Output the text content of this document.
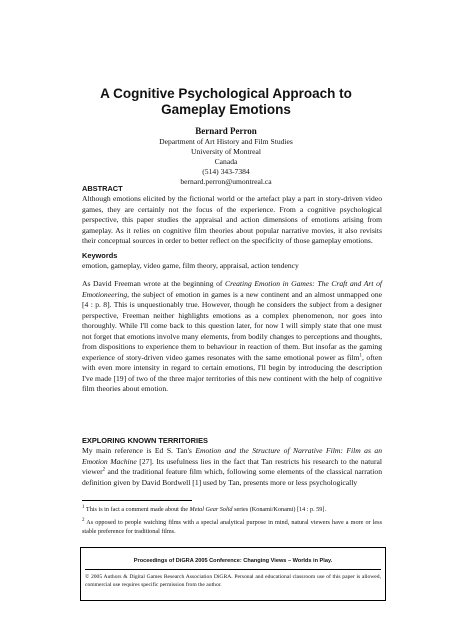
A Cognitive Psychological Approach to
Gameplay Emotions
Bernard Perron
Department of Art History and Film Studies
University of Montreal
Canada
(514) 343-7384
bernard.perron@umontreal.ca
ABSTRACT
Although emotions elicited by the fictional world or the artefact play a part in story-driven video games, they are certainly not the focus of the experience. From a cognitive psychological perspective, this paper studies the appraisal and action dimensions of emotions arising from gameplay. As it relies on cognitive film theories about popular narrative movies, it also revisits their conceptual sources in order to better reflect on the specificity of those gameplay emotions.
Keywords
emotion, gameplay, video game, film theory, appraisal, action tendency
As David Freeman wrote at the beginning of Creating Emotion in Games: The Craft and Art of Emotioneering, the subject of emotion in games is a new continent and an almost unmapped one [4 : p. 8]. This is unquestionably true. However, though he considers the subject from a designer perspective, Freeman neither highlights emotions as a complex phenomenon, nor goes into thoroughly. While I'll come back to this question later, for now I will simply state that one must not forget that emotions involve many elements, from bodily changes to perceptions and thoughts, from dispositions to experience them to behaviour in reaction of them. But insofar as the gaming experience of story-driven video games resonates with the same emotional power as film$^1$, often with even more intensity in regard to certain emotions, I'll begin by introducing the description I've made [19] of two of the three major territories of this new continent with the help of cognitive film theories about emotion.
EXPLORING KNOWN TERRITORIES
My main reference is Ed S. Tan's Emotion and the Structure of Narrative Film: Film as an Emotion Machine [27]. Its usefulness lies in the fact that Tan restricts his research to the natural viewer$^2$ and the traditional feature film which, following some elements of the classical narration definition given by David Bordwell [1] used by Tan, presents more or less psychologically
$^1$ This is in fact a comment made about the Metal Gear Solid series (Konami/Konami) [14 : p. 59].
$^2$ As opposed to people watching films with a special analytical purpose in mind, natural viewers have a more or less stable preference for traditional films.
Proceedings of DiGRA 2005 Conference: Changing Views – Worlds in Play.
© 2005 Authors & Digital Games Research Association DiGRA. Personal and educational classroom use of this paper is allowed, commercial use requires specific permission from the author.
